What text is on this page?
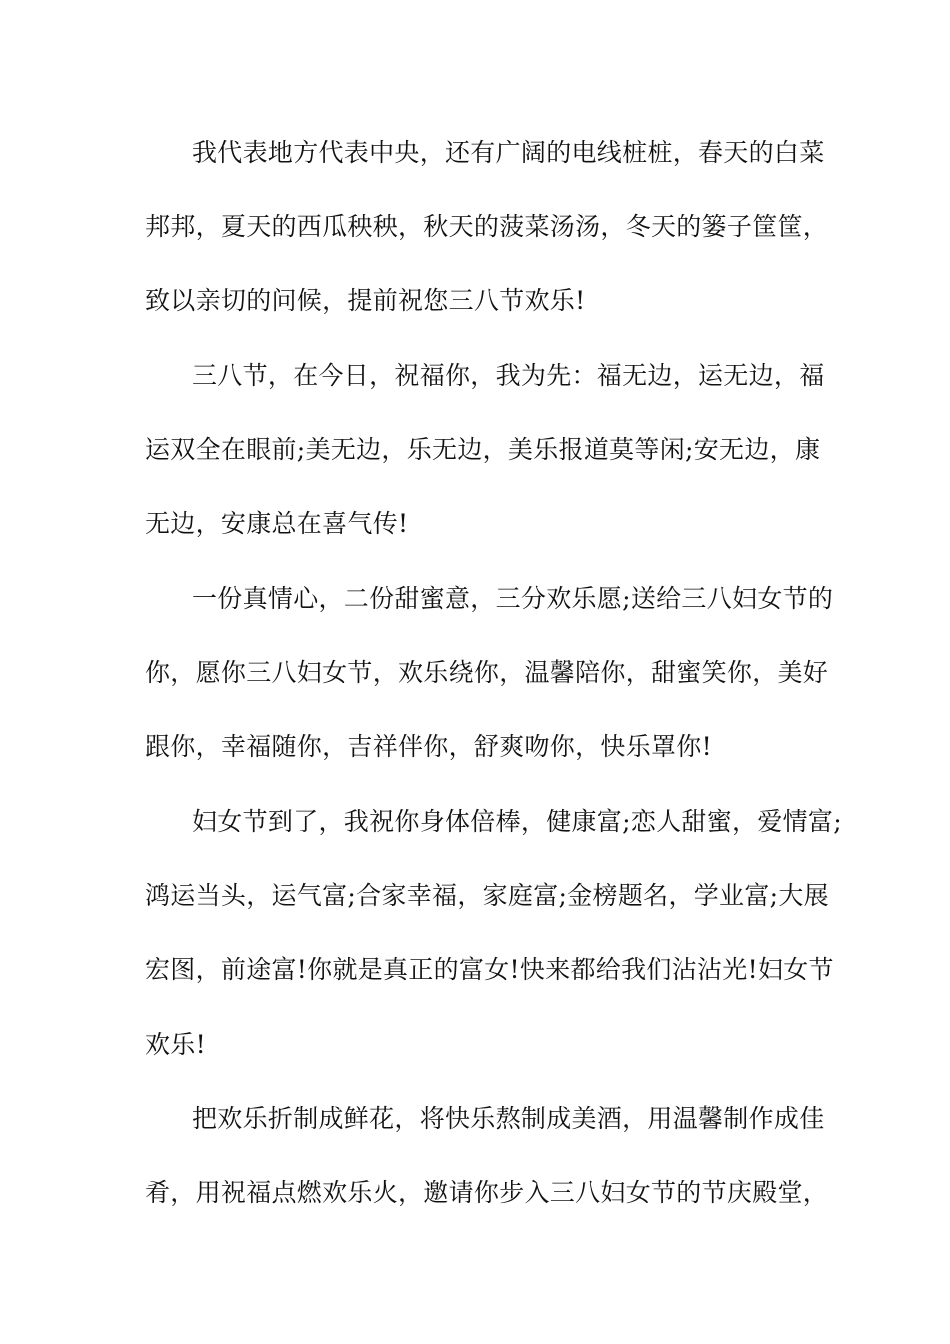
我代表地方代表中央，还有广阔的电线桩桩，春天的白菜
邦邦，夏天的西瓜秧秧，秋天的菠菜汤汤，冬天的篓子筐筐，
致以亲切的问候，提前祝您三八节欢乐!
三八节，在今日，祝福你，我为先：福无边，运无边，福
运双全在眼前;美无边，乐无边，美乐报道莫等闲;安无边，康
无边，安康总在喜气传!
一份真情心，二份甜蜜意，三分欢乐愿;送给三八妇女节的
你，愿你三八妇女节，欢乐绕你，温馨陪你，甜蜜笑你，美好
跟你，幸福随你，吉祥伴你，舒爽吻你，快乐罩你!
妇女节到了，我祝你身体倍棒，健康富;恋人甜蜜，爱情富;
鸿运当头，运气富;合家幸福，家庭富;金榜题名，学业富;大展
宏图，前途富!你就是真正的富女!快来都给我们沾沾光!妇女节
欢乐!
把欢乐折制成鲜花，将快乐熬制成美酒，用温馨制作成佳
肴，用祝福点燃欢乐火，邀请你步入三八妇女节的节庆殿堂，
